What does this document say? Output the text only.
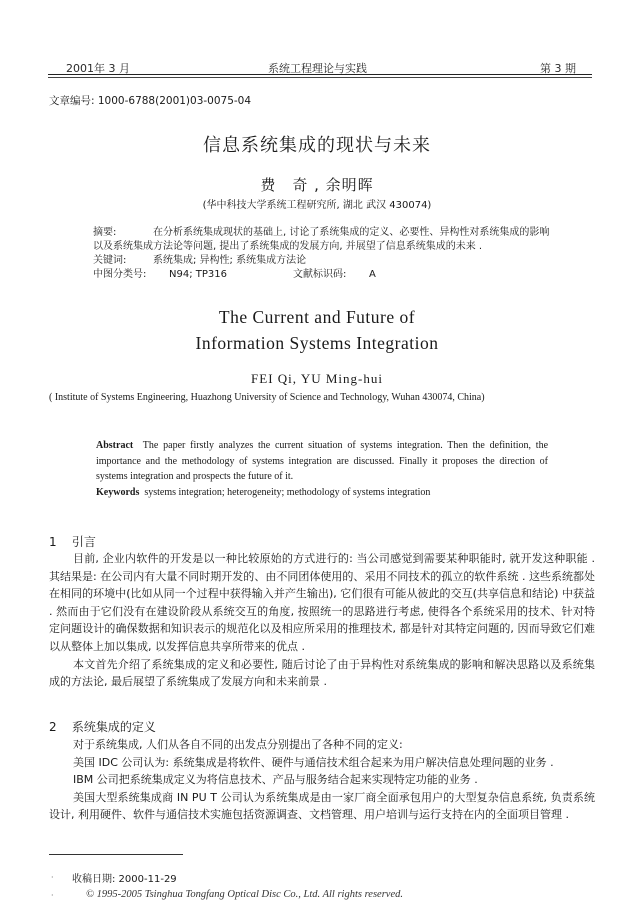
2001年 3 月	系统工程理论与实践	第 3 期
文章编号: 1000-6788(2001)03-0075-04
信息系统集成的现状与未来
费　奇 , 余明晖
(华中科技大学系统工程研究所, 湖北 武汉 430074)
摘要:	在分析系统集成现状的基础上, 讨论了系统集成的定义、必要性、异构性对系统集成的影响
以及系统集成方法论等问题, 提出了系统集成的发展方向, 并展望了信息系统集成的未来 .
关键词:	系统集成; 异构性; 系统集成方法论
中图分类号: N94; TP316	文献标识码: A
The Current and Future of
Information Systems Integration
FEI Qi, YU Ming-hui
( Institute of Systems Engineering, Huazhong University of Science and Technology, Wuhan 430074, China)
Abstract The paper firstly analyzes the current situation of systems integration. Then the definition, the importance and the methodology of systems integration are discussed. Finally it proposes the direction of systems integration and prospects the future of it.
Keywords systems integration; heterogeneity; methodology of systems integration
1 引言

目前, 企业内软件的开发是以一种比较原始的方式进行的: 当公司感觉到需要某种职能时, 就开发这种职能 . 其结果是: 在公司内有大量不同时期开发的、由不同团体使用的、采用不同技术的孤立的软件系统 . 这些系统都处在相同的环境中(比如从同一个过程中获得输入并产生输出), 它们很有可能从彼此的交互(共享信息和结论) 中获益 . 然而由于它们没有在建设阶段从系统交互的角度, 按照统一的思路进行考虑, 使得各个系统采用的技术、针对特定问题设计的确保数据和知识表示的规范化以及相应所采用的推理技术, 都是针对其特定问题的, 因而导致它们难以从整体上加以集成, 以发挥信息共享所带来的优点 .

本文首先介绍了系统集成的定义和必要性, 随后讨论了由于异构性对系统集成的影响和解决思路以及系统集成的方法论, 最后展望了系统集成了发展方向和未来前景 .

2 系统集成的定义

对于系统集成, 人们从各自不同的出发点分别提出了各种不同的定义:

美国 IDC 公司认为: 系统集成是将软件、硬件与通信技术组合起来为用户解决信息处理问题的业务 .

IBM 公司把系统集成定义为将信息技术、产品与服务结合起来实现特定功能的业务 .

美国大型系统集成商 IN PU T 公司认为系统集成是由一家厂商全面承包用户的大型复杂信息系统, 负责系统设计, 利用硬件、软件与通信技术实施包括资源调查、文档管理、用户培训与运行支持在内的全面项目管理 .

· 收稿日期: 2000-11-29
·	© 1995-2005 Tsinghua Tongfang Optical Disc Co., Ltd. All rights reserved.
